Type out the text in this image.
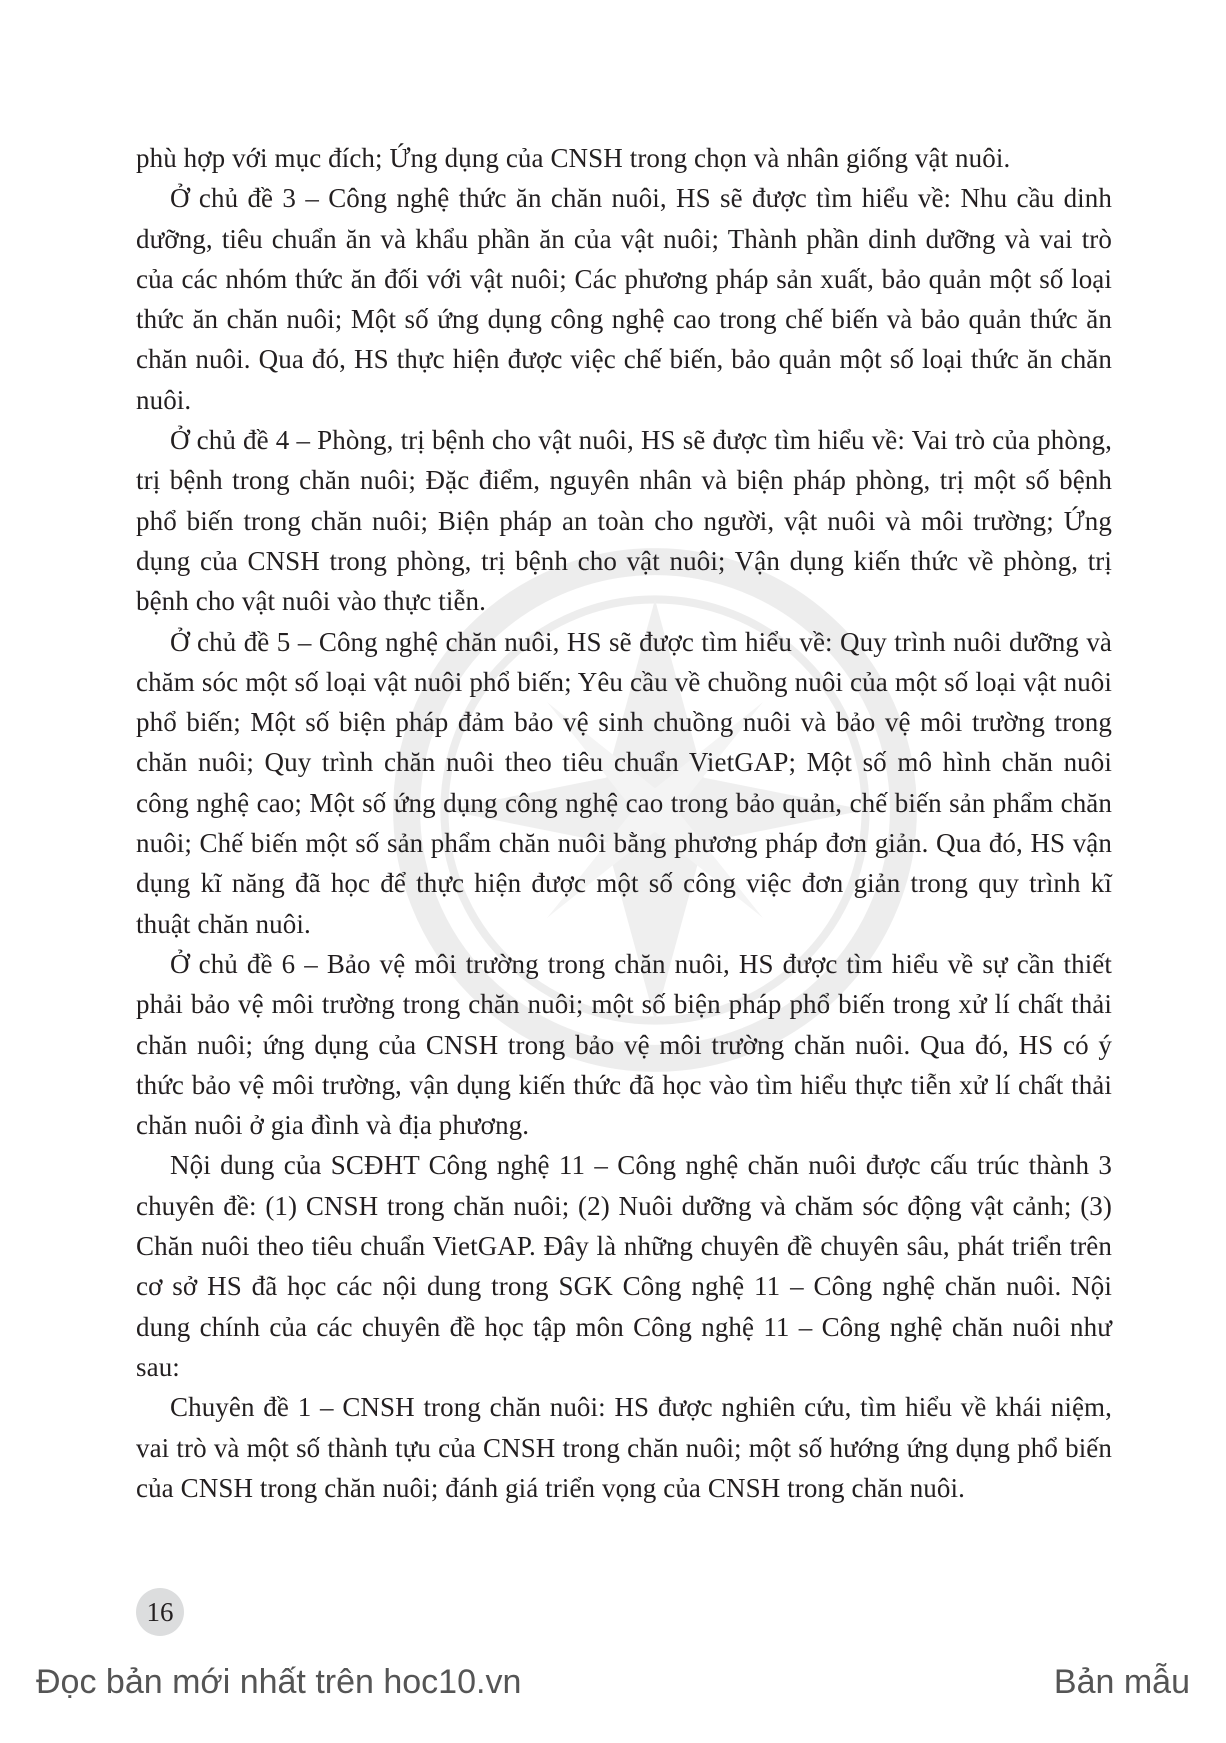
phù hợp với mục đích; Ứng dụng của CNSH trong chọn và nhân giống vật nuôi.

Ở chủ đề 3 – Công nghệ thức ăn chăn nuôi, HS sẽ được tìm hiểu về: Nhu cầu dinh dưỡng, tiêu chuẩn ăn và khẩu phần ăn của vật nuôi; Thành phần dinh dưỡng và vai trò của các nhóm thức ăn đối với vật nuôi; Các phương pháp sản xuất, bảo quản một số loại thức ăn chăn nuôi; Một số ứng dụng công nghệ cao trong chế biến và bảo quản thức ăn chăn nuôi. Qua đó, HS thực hiện được việc chế biến, bảo quản một số loại thức ăn chăn nuôi.

Ở chủ đề 4 – Phòng, trị bệnh cho vật nuôi, HS sẽ được tìm hiểu về: Vai trò của phòng, trị bệnh trong chăn nuôi; Đặc điểm, nguyên nhân và biện pháp phòng, trị một số bệnh phổ biến trong chăn nuôi; Biện pháp an toàn cho người, vật nuôi và môi trường; Ứng dụng của CNSH trong phòng, trị bệnh cho vật nuôi; Vận dụng kiến thức về phòng, trị bệnh cho vật nuôi vào thực tiễn.

Ở chủ đề 5 – Công nghệ chăn nuôi, HS sẽ được tìm hiểu về: Quy trình nuôi dưỡng và chăm sóc một số loại vật nuôi phổ biến; Yêu cầu về chuồng nuôi của một số loại vật nuôi phổ biến; Một số biện pháp đảm bảo vệ sinh chuồng nuôi và bảo vệ môi trường trong chăn nuôi; Quy trình chăn nuôi theo tiêu chuẩn VietGAP; Một số mô hình chăn nuôi công nghệ cao; Một số ứng dụng công nghệ cao trong bảo quản, chế biến sản phẩm chăn nuôi; Chế biến một số sản phẩm chăn nuôi bằng phương pháp đơn giản. Qua đó, HS vận dụng kĩ năng đã học để thực hiện được một số công việc đơn giản trong quy trình kĩ thuật chăn nuôi.

Ở chủ đề 6 – Bảo vệ môi trường trong chăn nuôi, HS được tìm hiểu về sự cần thiết phải bảo vệ môi trường trong chăn nuôi; một số biện pháp phổ biến trong xử lí chất thải chăn nuôi; ứng dụng của CNSH trong bảo vệ môi trường chăn nuôi. Qua đó, HS có ý thức bảo vệ môi trường, vận dụng kiến thức đã học vào tìm hiểu thực tiễn xử lí chất thải chăn nuôi ở gia đình và địa phương.

Nội dung của SCĐHT Công nghệ 11 – Công nghệ chăn nuôi được cấu trúc thành 3 chuyên đề: (1) CNSH trong chăn nuôi; (2) Nuôi dưỡng và chăm sóc động vật cảnh; (3) Chăn nuôi theo tiêu chuẩn VietGAP. Đây là những chuyên đề chuyên sâu, phát triển trên cơ sở HS đã học các nội dung trong SGK Công nghệ 11 – Công nghệ chăn nuôi. Nội dung chính của các chuyên đề học tập môn Công nghệ 11 – Công nghệ chăn nuôi như sau:

Chuyên đề 1 – CNSH trong chăn nuôi: HS được nghiên cứu, tìm hiểu về khái niệm, vai trò và một số thành tựu của CNSH trong chăn nuôi; một số hướng ứng dụng phổ biến của CNSH trong chăn nuôi; đánh giá triển vọng của CNSH trong chăn nuôi.

16
Đọc bản mới nhất trên hoc10.vn	Bản mẫu
